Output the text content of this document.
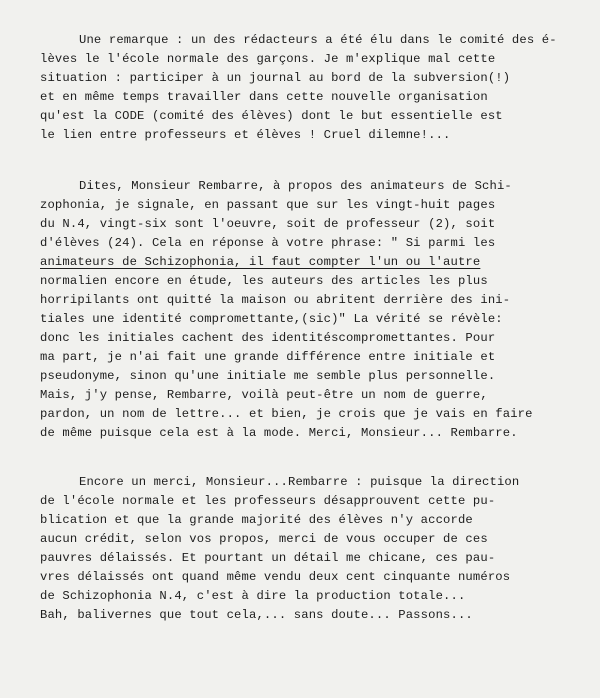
Une remarque : un des rédacteurs a été élu dans le comité des é-
lèves le l'école normale des garçons. Je m'explique mal cette
situation : participer à un journal au bord de la subversion(!)
et en même temps travailler dans cette nouvelle organisation
qu'est la CODE (comité des élèves) dont le but essentielle est
le lien entre professeurs et élèves ! Cruel dilemne!...
Dites, Monsieur Rembarre, à propos des animateurs de Schi-
zophonia, je signale, en passant que sur les vingt-huit pages
du N.4, vingt-six sont l'oeuvre, soit de professeur (2), soit
d'élèves (24). Cela en réponse à votre phrase: " Si parmi les
animateurs de Schizophonia, il faut compter l'un ou l'autre
normalien encore en étude, les auteurs des articles les plus
horripilants ont quitté la maison ou abritent derrière des ini-
tiales une identité compromettante,(sic)" La vérité se révèle:
donc les initiales cachent des identitéscompromettantes. Pour
ma part, je n'ai fait une grande différence entre initiale et
pseudonyme, sinon qu'une initiale me semble plus personnelle.
Mais, j'y pense, Rembarre, voilà peut-être un nom de guerre,
pardon, un nom de lettre... et bien, je crois que je vais en faire
de même puisque cela est à la mode. Merci, Monsieur... Rembarre.
Encore un merci, Monsieur...Rembarre : puisque la direction
de l'école normale et les professeurs désapprouvent cette pu-
blication et que la grande majorité des élèves n'y accorde
aucun crédit, selon vos propos, merci de vous occuper de ces
pauvres délaissés. Et pourtant un détail me chicane, ces pau-
vres délaissés ont quand même vendu deux cent cinquante numéros
de Schizophonia N.4, c'est à dire la production totale...
Bah, balivernes que tout cela,... sans doute... Passons...
